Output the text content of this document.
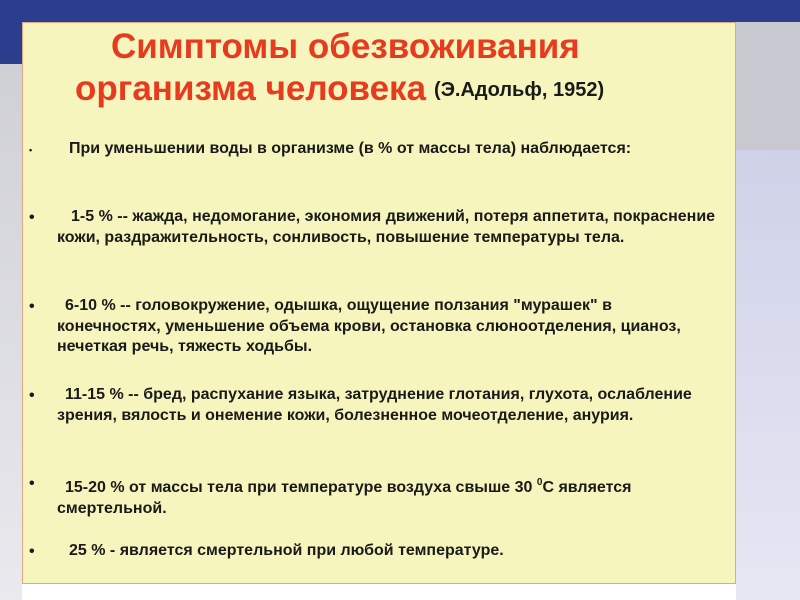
Симптомы обезвоживания
организма человека (Э.Адольф, 1952)
•	При уменьшении воды в организме (в % от массы тела) наблюдается:
•	1-5 % -- жажда, недомогание, экономия движений, потеря аппетита, покраснение кожи, раздражительность, сонливость, повышение температуры тела.
•	6-10 % -- головокружение, одышка, ощущение ползания "мурашек" в конечностях, уменьшение объема крови, остановка слюноотделения, цианоз, нечеткая речь, тяжесть ходьбы.
•	11-15 % -- бред, распухание языка, затруднение глотания, глухота, ослабление зрения, вялость и онемение кожи, болезненное мочеотделение, анурия.
•	15-20 % от массы тела при температуре воздуха свыше 30 $^0$С является смертельной.
•	25 % - является смертельной при любой температуре.
